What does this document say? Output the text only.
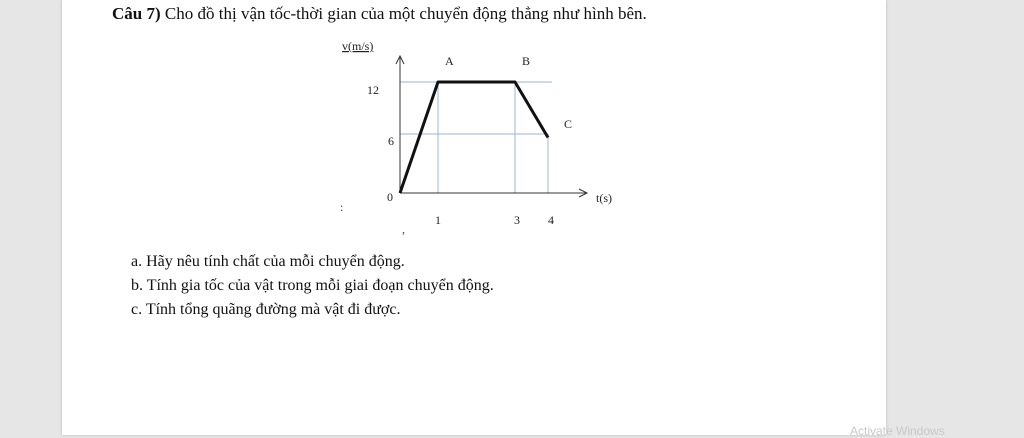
Câu 7) Cho đồ thị vận tốc-thời gian của một chuyển động thẳng như hình bên.
v(m/s)
t(s)
0
6
12
1	3 4
A	B
C
:
,
a. Hãy nêu tính chất của mỗi chuyển động.
b. Tính gia tốc của vật trong mỗi giai đoạn chuyển động.
c. Tính tổng quãng đường mà vật đi được.
Activate Windows
